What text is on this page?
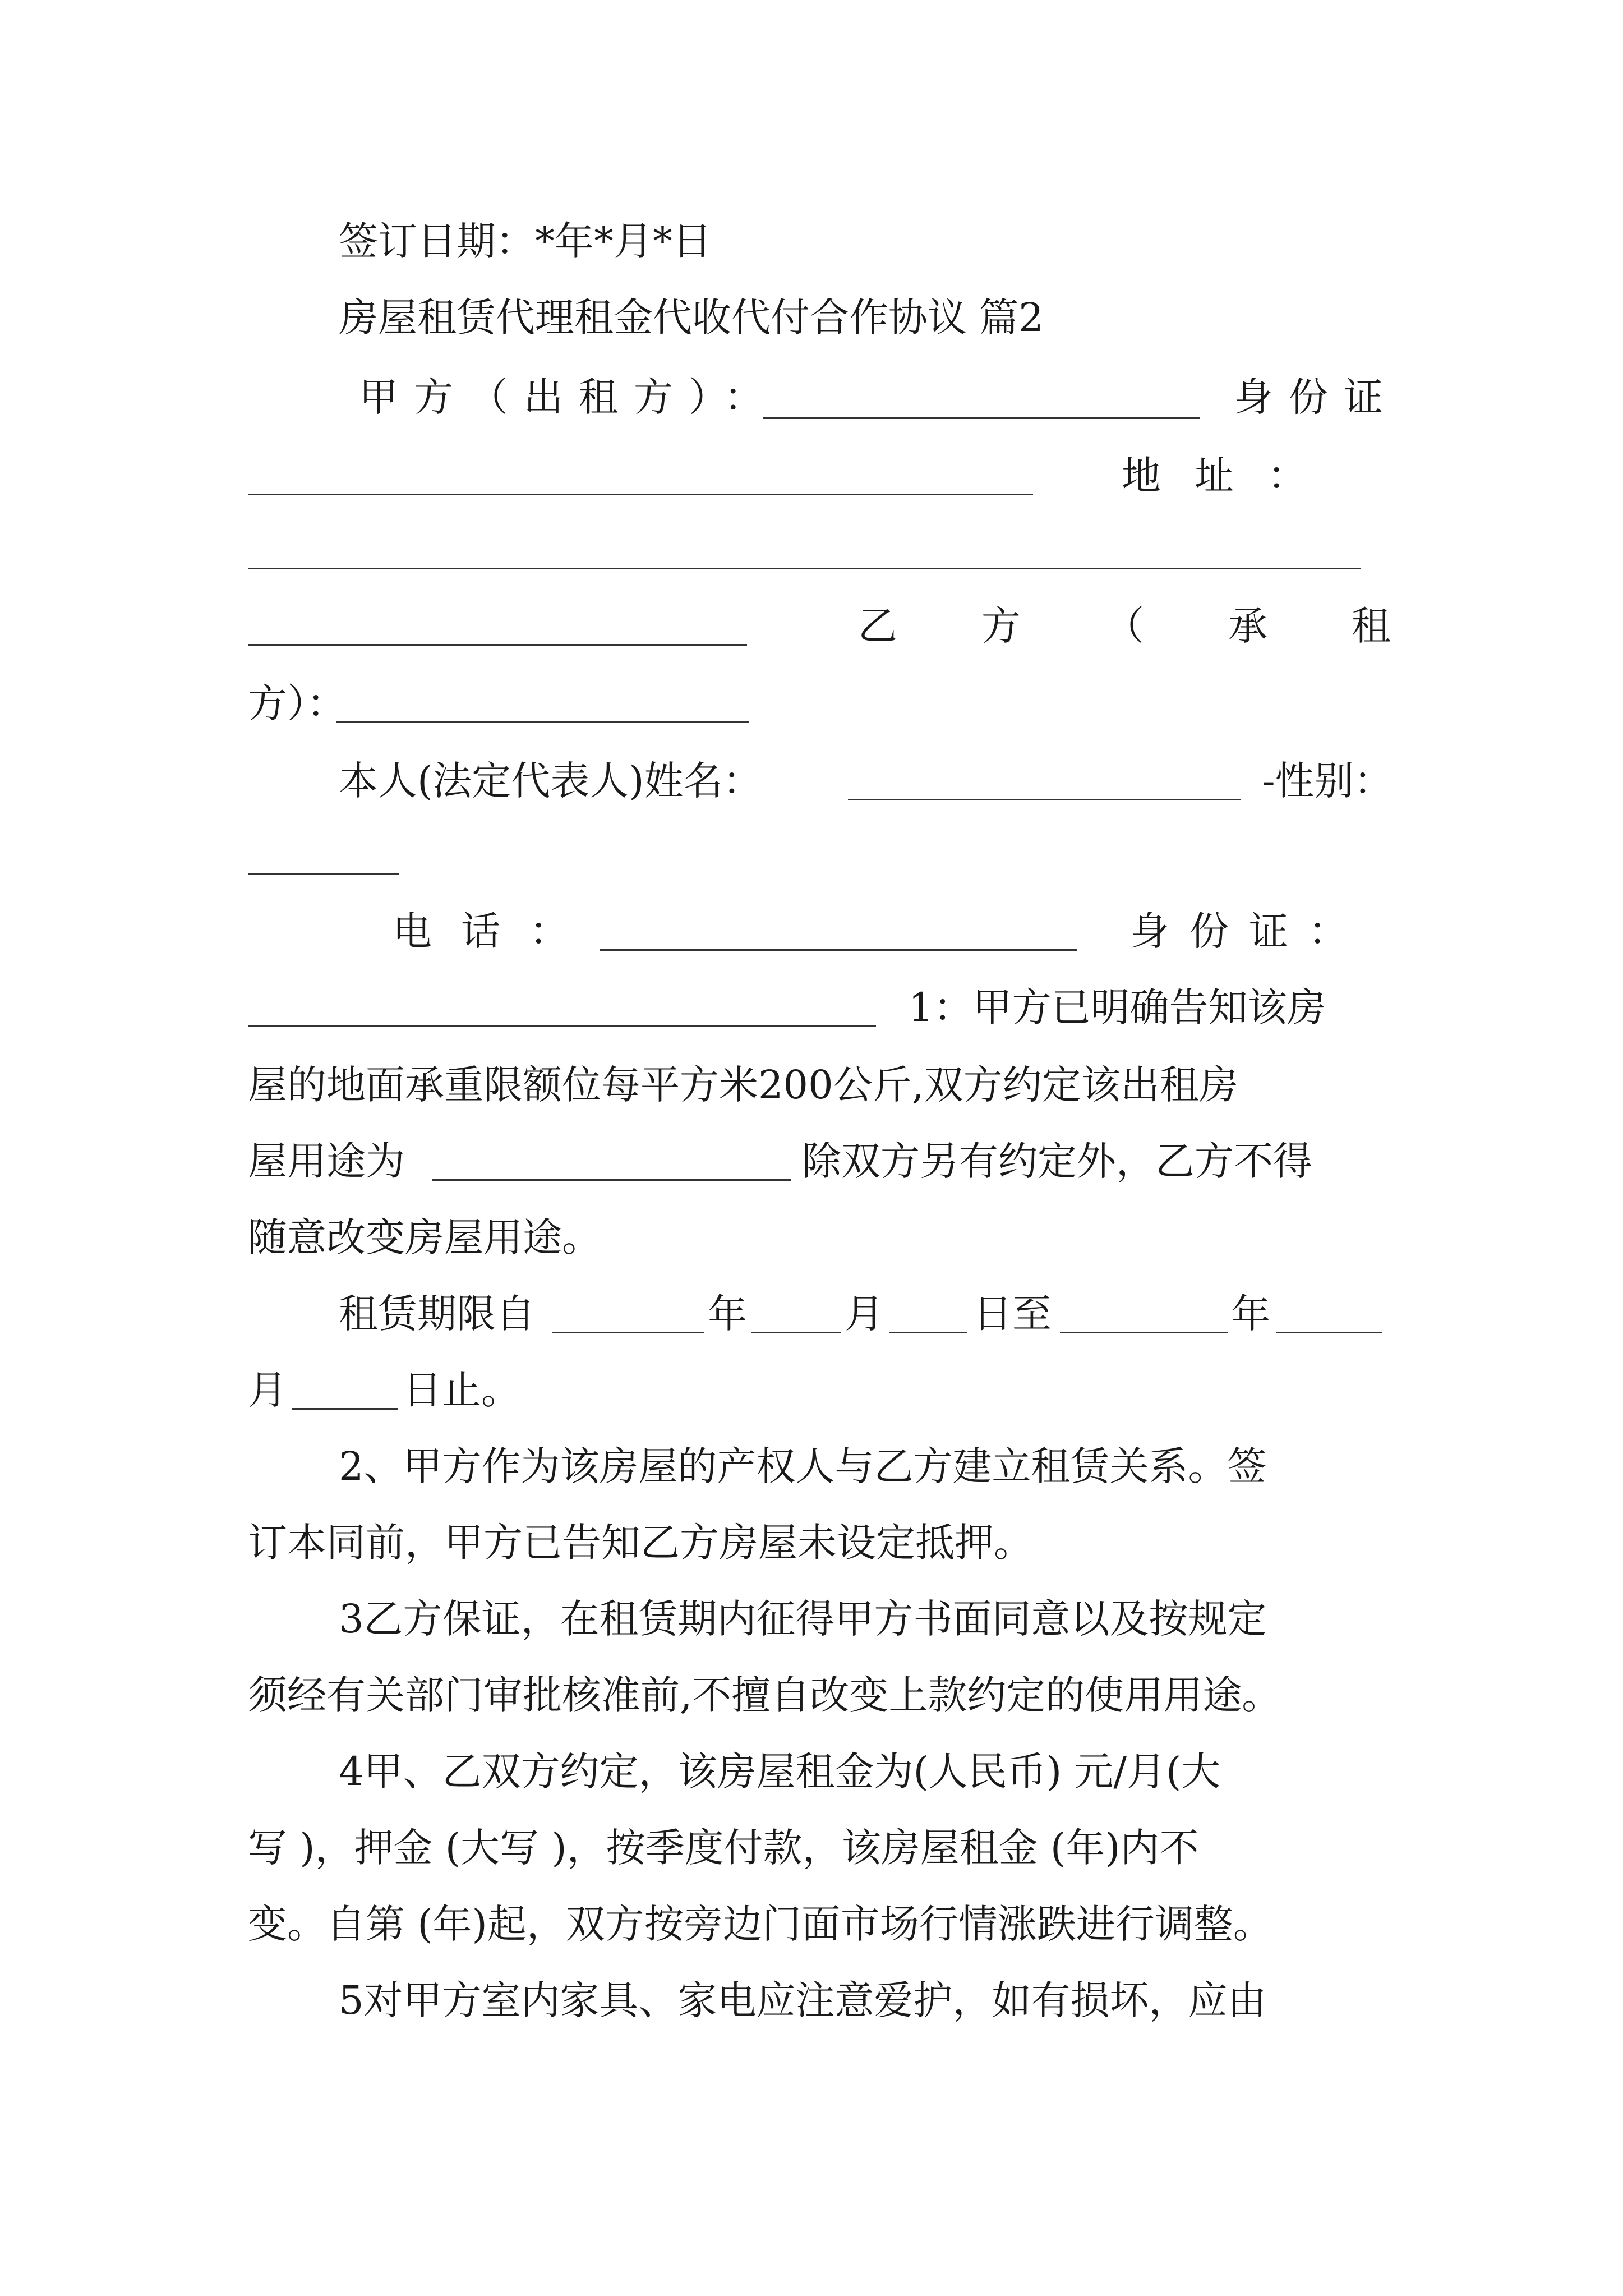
签订日期：*年*月*日

房屋租赁代理租金代收代付合作协议 篇2

甲方（出租方）：	身份证

地址：

乙方（承租

方）：

本人(法定代表人)姓名：	-性别：

电话：	身份证：

1：甲方已明确告知该房

屋的地面承重限额位每平方米200公斤,双方约定该出租房

屋用途为	除双方另有约定外，乙方不得

随意改变房屋用途。

租赁期限自	年 月 日至	年

月	日止。

2、甲方作为该房屋的产权人与乙方建立租赁关系。签

订本同前，甲方已告知乙方房屋未设定抵押。

3乙方保证，在租赁期内征得甲方书面同意以及按规定

须经有关部门审批核准前,不擅自改变上款约定的使用用途。

4甲、乙双方约定，该房屋租金为(人民币) 元/月(大

写 )，押金 (大写 )，按季度付款，该房屋租金 (年)内不

变。自第 (年)起，双方按旁边门面市场行情涨跌进行调整。

5对甲方室内家具、家电应注意爱护，如有损坏，应由
